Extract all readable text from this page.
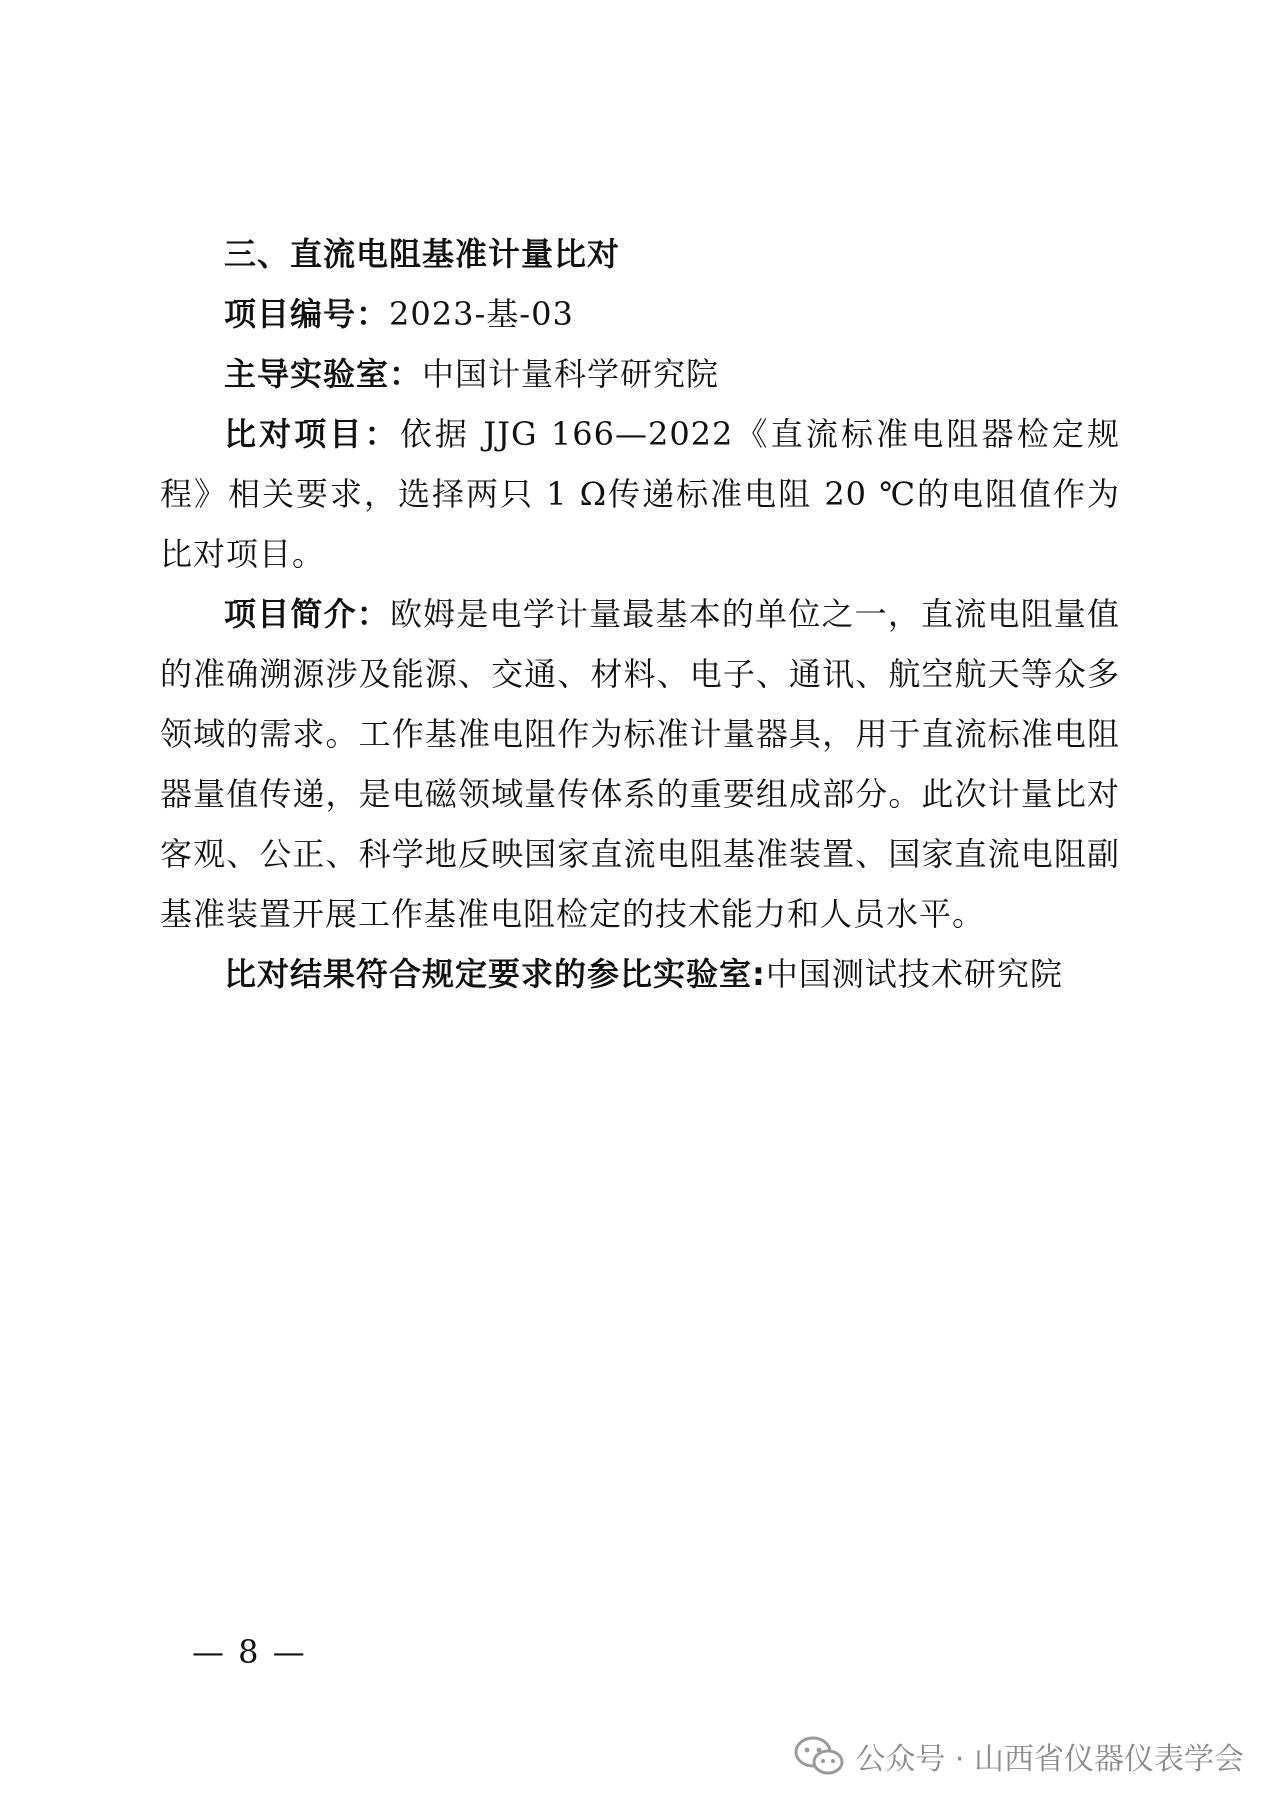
三、直流电阻基准计量比对

项目编号：2023-基-03

主导实验室：中国计量科学研究院

比对项目：依据 JJG 166—2022《直流标准电阻器检定规程》相关要求，选择两只 1 Ω传递标准电阻 20 ℃的电阻值作为比对项目。

项目简介：欧姆是电学计量最基本的单位之一，直流电阻量值的准确溯源涉及能源、交通、材料、电子、通讯、航空航天等众多领域的需求。工作基准电阻作为标准计量器具，用于直流标准电阻器量值传递，是电磁领域量传体系的重要组成部分。此次计量比对客观、公正、科学地反映国家直流电阻基准装置、国家直流电阻副基准装置开展工作基准电阻检定的技术能力和人员水平。

比对结果符合规定要求的参比实验室:中国测试技术研究院

— 8 —
公众号 · 山西省仪器仪表学会
